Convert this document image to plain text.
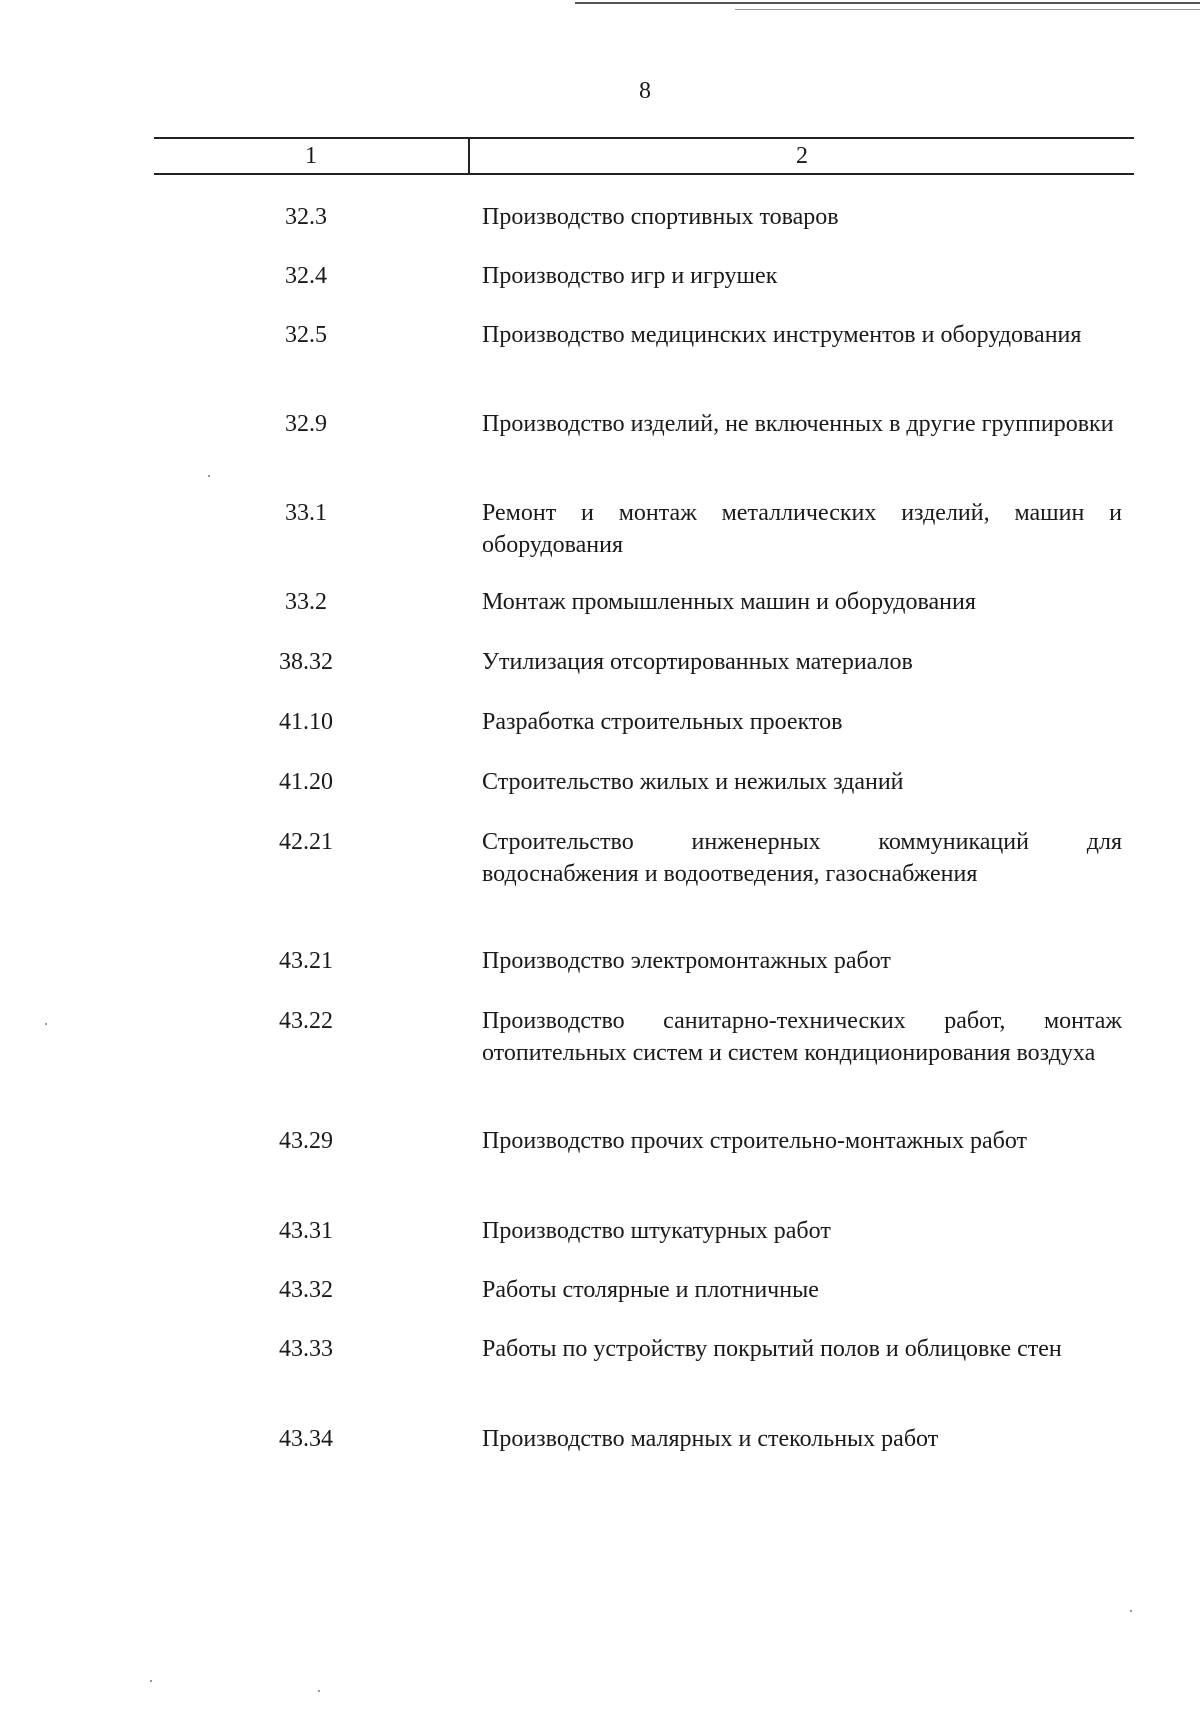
8
1	2
32.3	Производство спортивных товаров
32.4	Производство игр и игрушек
32.5	Производство медицинских инструментов и оборудования
32.9	Производство изделий, не включенных в другие группировки
33.1	Ремонт и монтаж металлических изделий, машин и оборудования
33.2	Монтаж промышленных машин и оборудования
38.32	Утилизация отсортированных материалов
41.10	Разработка строительных проектов
41.20	Строительство жилых и нежилых зданий
42.21	Строительство инженерных коммуникаций для водоснабжения и водоотведения, газоснабжения
43.21	Производство электромонтажных работ
43.22	Производство санитарно-технических работ, монтаж отопительных систем и систем кондиционирования воздуха
43.29	Производство прочих строительно-монтажных работ
43.31	Производство штукатурных работ
43.32	Работы столярные и плотничные
43.33	Работы по устройству покрытий полов и облицовке стен
43.34	Производство малярных и стекольных работ
